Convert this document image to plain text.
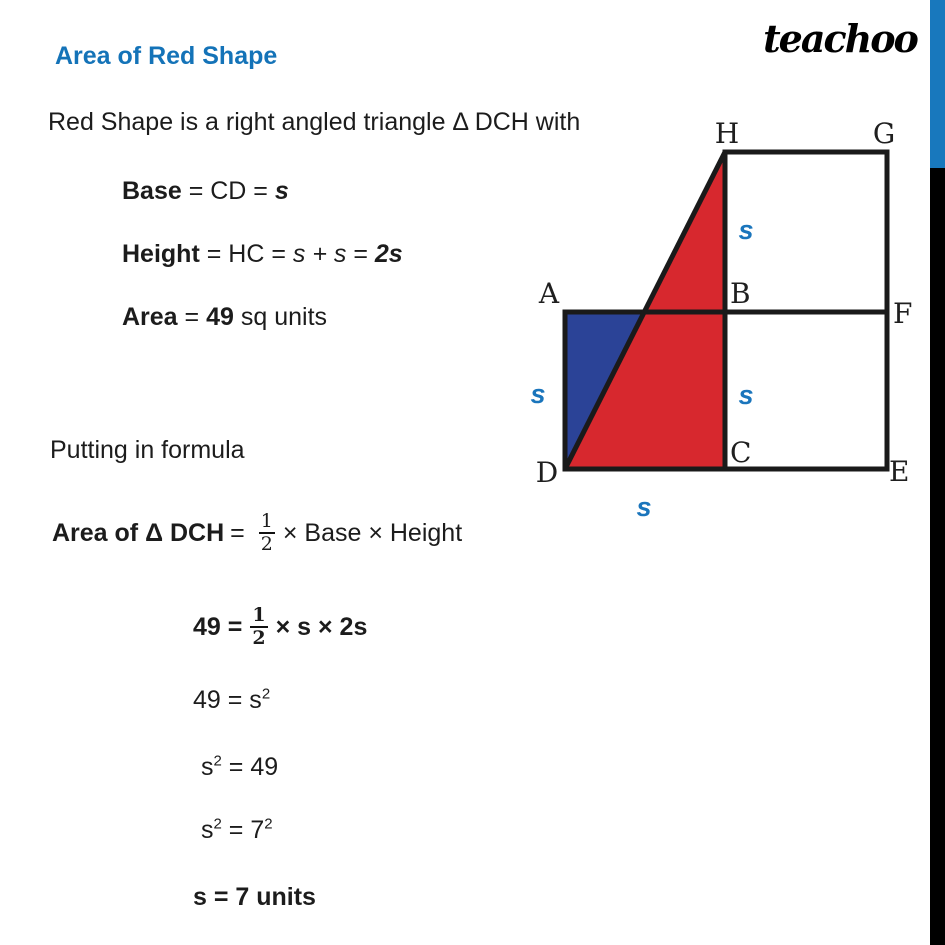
teachoo
Area of Red Shape
Red Shape is a right angled triangle Δ DCH with
Base = CD = s
Height = HC = s + s = 2s
Area = 49 sq units
Putting in formula
Area of Δ DCH = $\frac{1}{2}$ × Base × Height
$49 = \frac{1}{2} \times s \times 2s$
$49 = s^2$
$s^2 = 49$
$s^2 = 7^2$
s = 7 units
H	G
A	B
F
D
C
E
s
s	s
s
